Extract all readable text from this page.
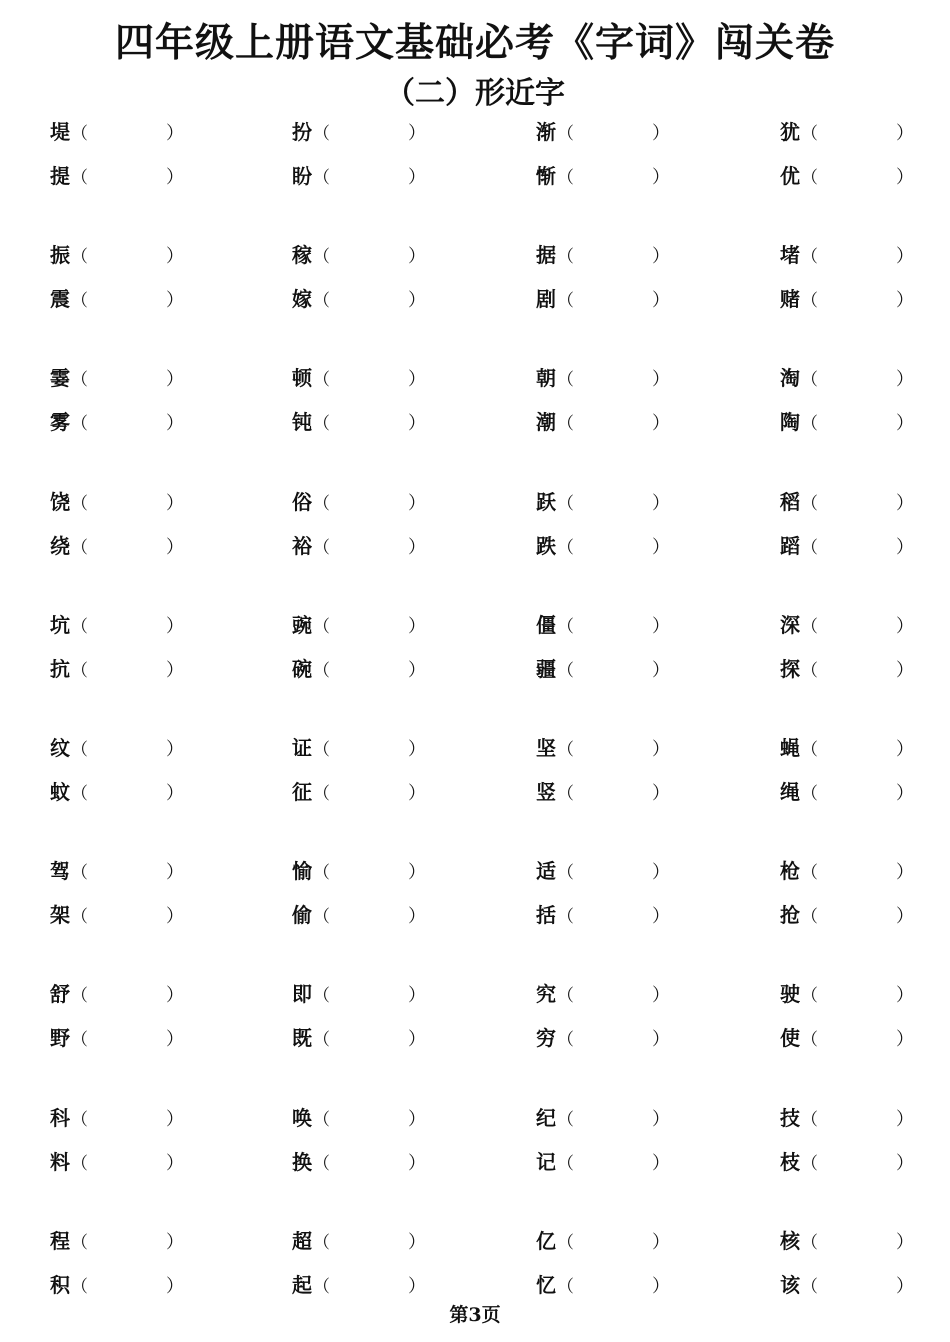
四年级上册语文基础必考《字词》闯关卷
（二）形近字
堤（	）	扮（	）	渐（	）	犹（	）
提（	）	盼（	）	惭（	）	优（	）
振（	）	稼（	）	据（	）	堵（	）
震（	）	嫁（	）	剧（	）	赌（	）
霎（	）	顿（	）	朝（	）	淘（	）
雾（	）	钝（	）	潮（	）	陶（	）
饶（	）	俗（	）	跃（	）	稻（	）
绕（	）	裕（	）	跌（	）	蹈（	）
坑（	）	豌（	）	僵（	）	深（	）
抗（	）	碗（	）	疆（	）	探（	）
纹（	）	证（	）	坚（	）	蝇（	）
蚊（	）	征（	）	竖（	）	绳（	）
驾（	）	愉（	）	适（	）	枪（	）
架（	）	偷（	）	括（	）	抢（	）
舒（	）	即（	）	究（	）	驶（	）
野（	）	既（	）	穷（	）	使（	）
科（	）	唤（	）	纪（	）	技（	）
料（	）	换（	）	记（	）	枝（	）
程（	）	超（	）	亿（	）	核（	）
积（	）	起（	）	忆（	）	该（	）
第3页
